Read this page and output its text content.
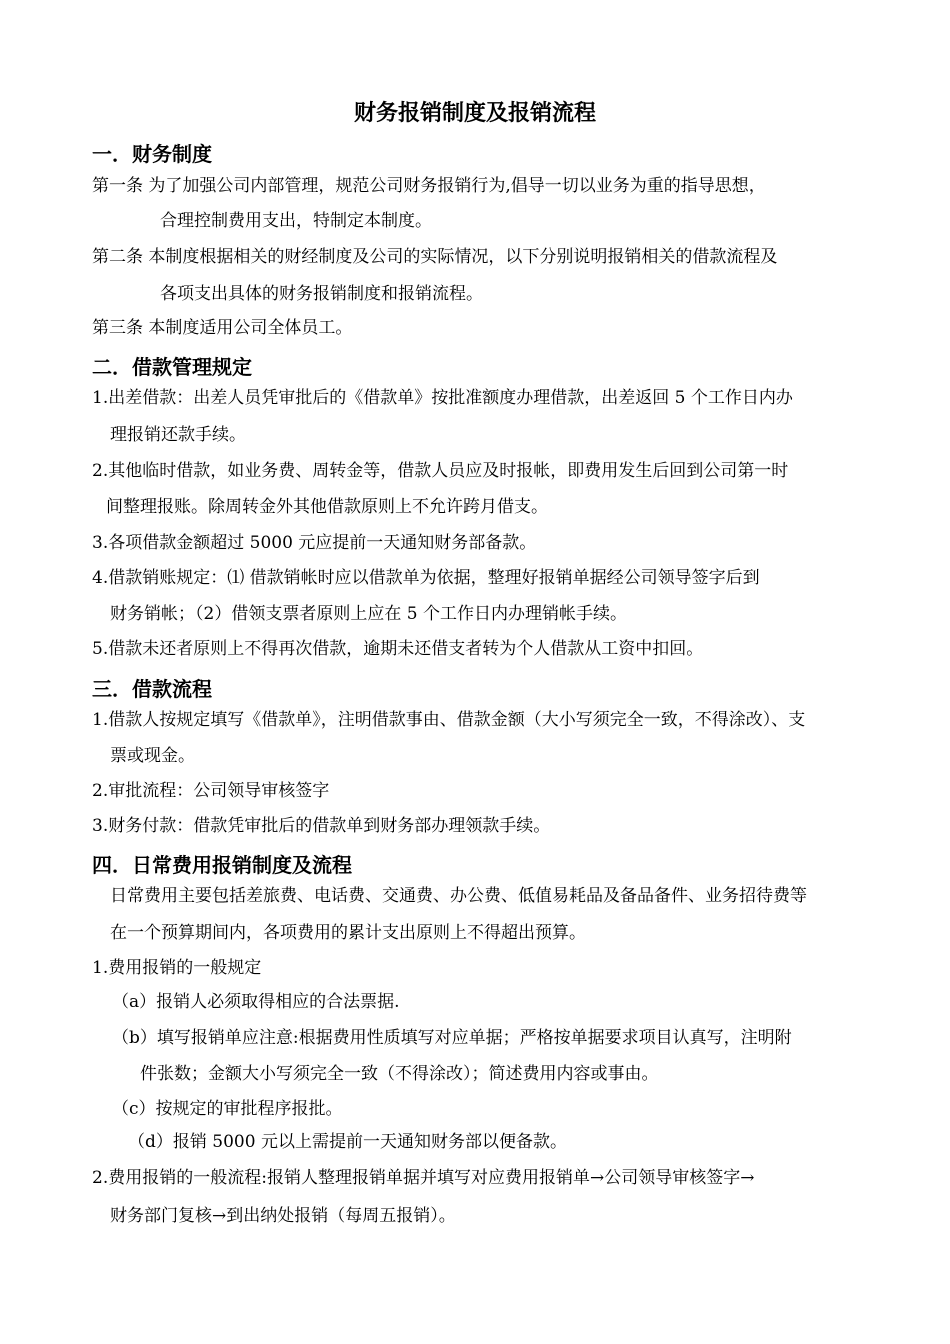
财务报销制度及报销流程
一．财务制度
第一条 为了加强公司内部管理，规范公司财务报销行为,倡导一切以业务为重的指导思想，
合理控制费用支出，特制定本制度。
第二条 本制度根据相关的财经制度及公司的实际情况，以下分别说明报销相关的借款流程及
各项支出具体的财务报销制度和报销流程。
第三条 本制度适用公司全体员工。
二．借款管理规定
1.出差借款：出差人员凭审批后的《借款单》按批准额度办理借款，出差返回 5 个工作日内办
理报销还款手续。
2.其他临时借款，如业务费、周转金等，借款人员应及时报帐，即费用发生后回到公司第一时
间整理报账。除周转金外其他借款原则上不允许跨月借支。
3.各项借款金额超过 5000 元应提前一天通知财务部备款。
4.借款销账规定：⑴ 借款销帐时应以借款单为依据，整理好报销单据经公司领导签字后到
财务销帐；（2）借领支票者原则上应在 5 个工作日内办理销帐手续。
5.借款未还者原则上不得再次借款，逾期未还借支者转为个人借款从工资中扣回。
三．借款流程
1.借款人按规定填写《借款单》，注明借款事由、借款金额（大小写须完全一致，不得涂改）、支
票或现金。
2.审批流程：公司领导审核签字
3.财务付款：借款凭审批后的借款单到财务部办理领款手续。
四．日常费用报销制度及流程
日常费用主要包括差旅费、电话费、交通费、办公费、低值易耗品及备品备件、业务招待费等
在一个预算期间内，各项费用的累计支出原则上不得超出预算。
1.费用报销的一般规定
（a）报销人必须取得相应的合法票据.
（b）填写报销单应注意:根据费用性质填写对应单据；严格按单据要求项目认真写，注明附
件张数；金额大小写须完全一致（不得涂改）；简述费用内容或事由。
（c）按规定的审批程序报批。
（d）报销 5000 元以上需提前一天通知财务部以便备款。
2.费用报销的一般流程:报销人整理报销单据并填写对应费用报销单→公司领导审核签字→
财务部门复核→到出纳处报销（每周五报销）。
